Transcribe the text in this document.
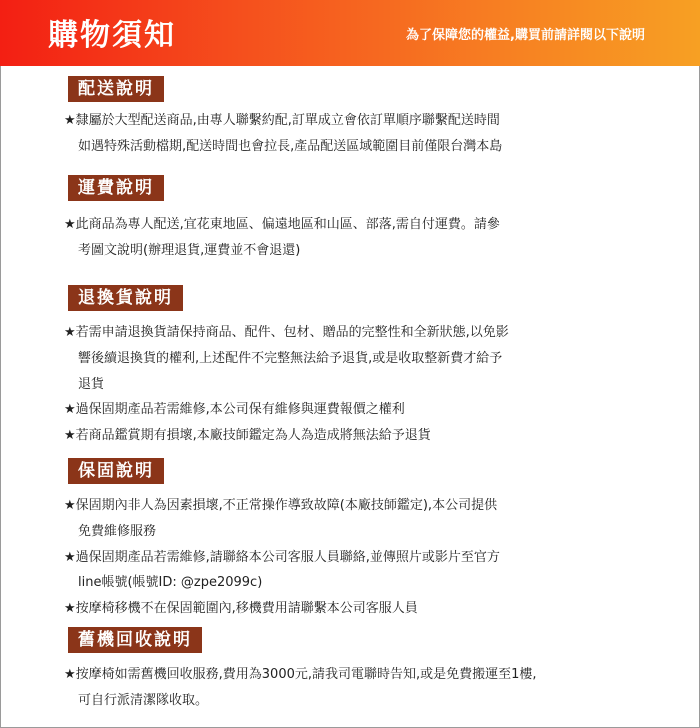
購物須知	為了保障您的權益,購買前請詳閱以下說明
配送說明
★隸屬於大型配送商品,由專人聯繫約配,訂單成立會依訂單順序聯繫配送時間
如遇特殊活動檔期,配送時間也會拉長,產品配送區域範圍目前僅限台灣本島
運費說明
★此商品為專人配送,宜花東地區、偏遠地區和山區、部落,需自付運費。請參
考圖文說明(辦理退貨,運費並不會退還)
退換貨說明
★若需申請退換貨請保持商品、配件、包材、贈品的完整性和全新狀態,以免影
響後續退換貨的權利,上述配件不完整無法給予退貨,或是收取整新費才給予
退貨
★過保固期產品若需維修,本公司保有維修與運費報價之權利
★若商品鑑賞期有損壞,本廠技師鑑定為人為造成將無法給予退貨
保固說明
★保固期內非人為因素損壞,不正常操作導致故障(本廠技師鑑定),本公司提供
免費維修服務
★過保固期產品若需維修,請聯絡本公司客服人員聯絡,並傳照片或影片至官方
line帳號(帳號ID: @zpe2099c)
★按摩椅移機不在保固範圍內,移機費用請聯繫本公司客服人員
舊機回收說明
★按摩椅如需舊機回收服務,費用為3000元,請我司電聯時告知,或是免費搬運至1樓,
可自行派清潔隊收取。
